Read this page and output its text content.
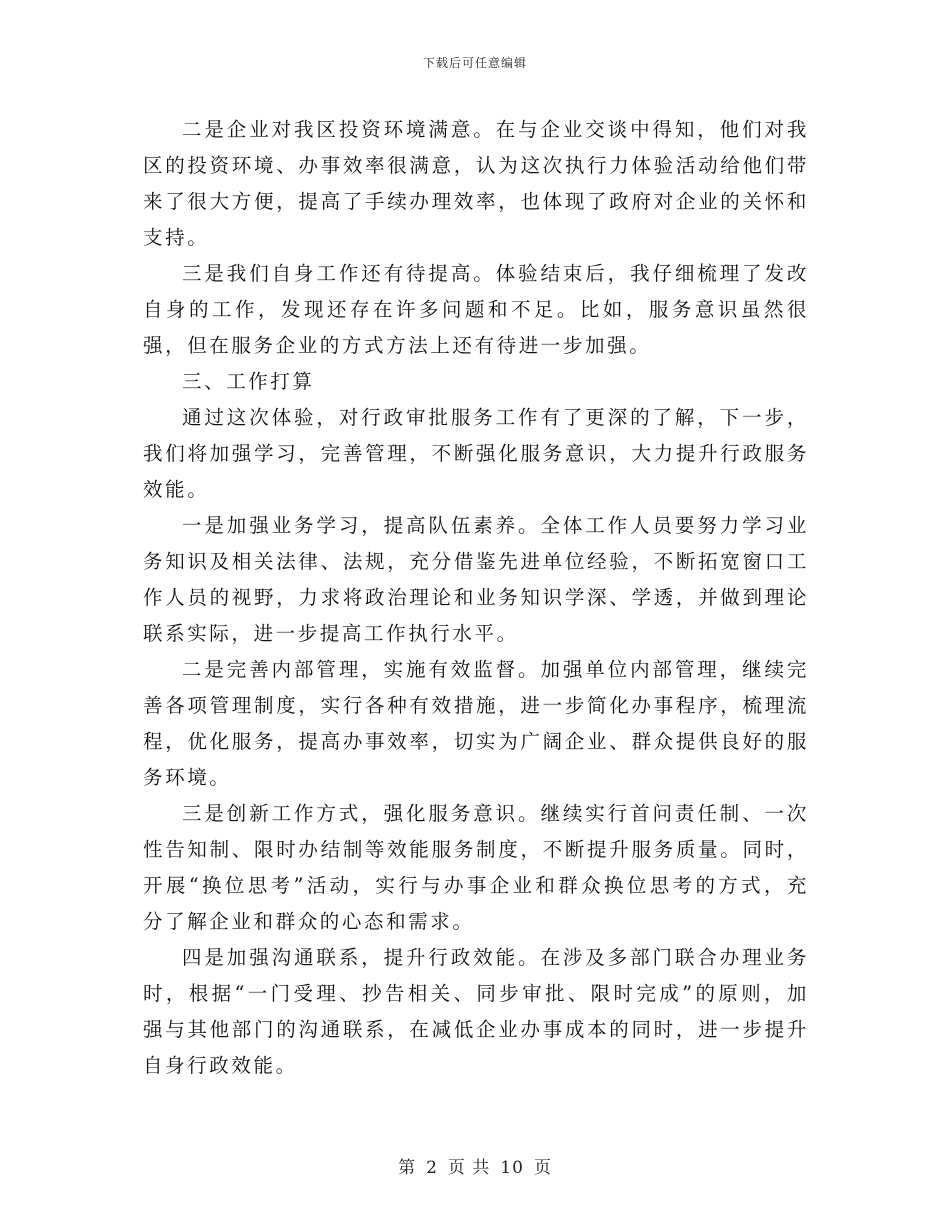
下载后可任意编辑

二是企业对我区投资环境满意。在与企业交谈中得知，他们对我区的投资环境、办事效率很满意，认为这次执行力体验活动给他们带来了很大方便，提高了手续办理效率，也体现了政府对企业的关怀和支持。

三是我们自身工作还有待提高。体验结束后，我仔细梳理了发改自身的工作，发现还存在许多问题和不足。比如，服务意识虽然很强，但在服务企业的方式方法上还有待进一步加强。

三、工作打算

通过这次体验，对行政审批服务工作有了更深的了解，下一步，我们将加强学习，完善管理，不断强化服务意识，大力提升行政服务效能。

一是加强业务学习，提高队伍素养。全体工作人员要努力学习业务知识及相关法律、法规，充分借鉴先进单位经验，不断拓宽窗口工作人员的视野，力求将政治理论和业务知识学深、学透，并做到理论联系实际，进一步提高工作执行水平。

二是完善内部管理，实施有效监督。加强单位内部管理，继续完善各项管理制度，实行各种有效措施，进一步简化办事程序，梳理流程，优化服务，提高办事效率，切实为广阔企业、群众提供良好的服务环境。

三是创新工作方式，强化服务意识。继续实行首问责任制、一次性告知制、限时办结制等效能服务制度，不断提升服务质量。同时，开展“换位思考”活动，实行与办事企业和群众换位思考的方式，充分了解企业和群众的心态和需求。

四是加强沟通联系，提升行政效能。在涉及多部门联合办理业务时，根据“一门受理、抄告相关、同步审批、限时完成”的原则，加强与其他部门的沟通联系，在减低企业办事成本的同时，进一步提升自身行政效能。

第 2 页 共 10 页
